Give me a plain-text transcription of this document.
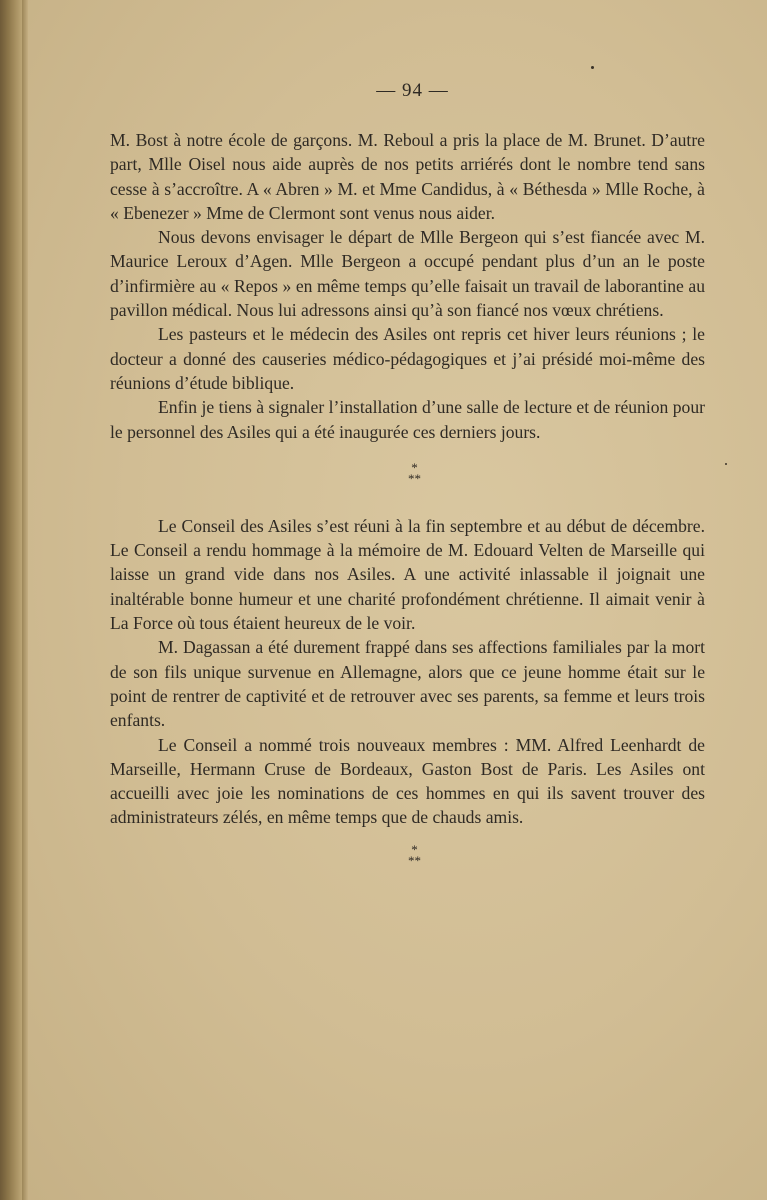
— 94 —

M. Bost à notre école de garçons. M. Reboul a pris la place de M. Brunet. D’autre part, Mlle Oisel nous aide auprès de nos petits arriérés dont le nombre tend sans cesse à s’accroître. A « Abren » M. et Mme Candidus, à « Béthesda » Mlle Roche, à « Ebenezer » Mme de Clermont sont venus nous aider.

Nous devons envisager le départ de Mlle Bergeon qui s’est fiancée avec M. Maurice Leroux d’Agen. Mlle Bergeon a occupé pendant plus d’un an le poste d’infirmière au « Repos » en même temps qu’elle faisait un travail de laborantine au pavillon médical. Nous lui adressons ainsi qu’à son fiancé nos vœux chrétiens.

Les pasteurs et le médecin des Asiles ont repris cet hiver leurs réunions ; le docteur a donné des causeries médico-pédagogiques et j’ai présidé moi-même des réunions d’étude biblique.

Enfin je tiens à signaler l’installation d’une salle de lecture et de réunion pour le personnel des Asiles qui a été inaugurée ces derniers jours.

*
**

Le Conseil des Asiles s’est réuni à la fin septembre et au début de décembre. Le Conseil a rendu hommage à la mémoire de M. Edouard Velten de Marseille qui laisse un grand vide dans nos Asiles. A une activité inlassable il joignait une inaltérable bonne humeur et une charité profondément chrétienne. Il aimait venir à La Force où tous étaient heureux de le voir.

M. Dagassan a été durement frappé dans ses affections familiales par la mort de son fils unique survenue en Allemagne, alors que ce jeune homme était sur le point de rentrer de captivité et de retrouver avec ses parents, sa femme et leurs trois enfants.

Le Conseil a nommé trois nouveaux membres : MM. Alfred Leenhardt de Marseille, Hermann Cruse de Bordeaux, Gaston Bost de Paris. Les Asiles ont accueilli avec joie les nominations de ces hommes en qui ils savent trouver des administrateurs zélés, en même temps que de chauds amis.

*
**
